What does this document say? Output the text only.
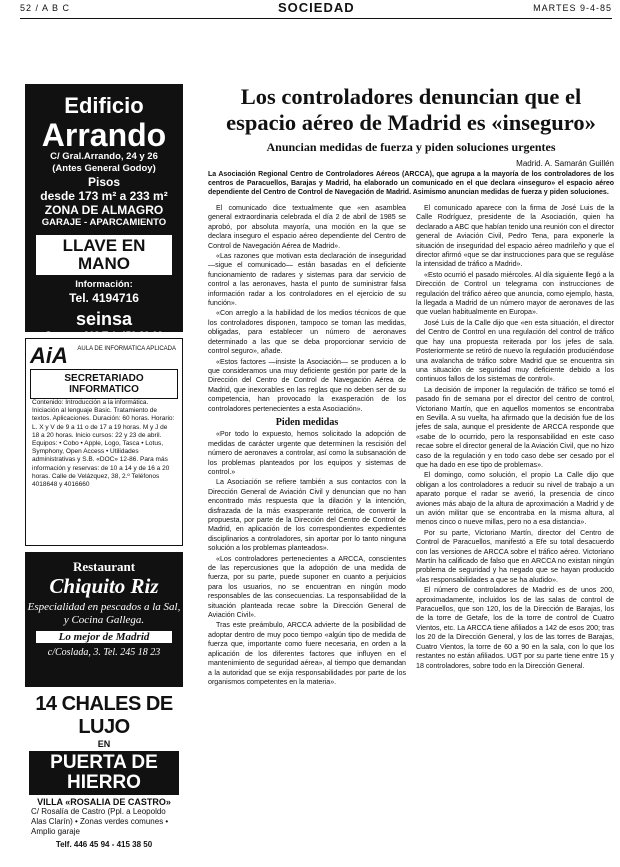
52 / A B C	SOCIEDAD	MARTES 9-4-85
Edificio
Arrando
C/ Gral.Arrando, 24 y 26
(Antes General Godoy)
Pisos
desde 173 m² a 233 m²
ZONA DE ALMAGRO
GARAJE - APARCAMIENTO
LLAVE EN MANO
Información:
Tel. 4194716
seinsa
Serrano,213 Tel. 459 39 00
AiA AULA DE INFORMATICA APLICADA
SECRETARIADO INFORMATICO
Contenido: Introducción a la informática. Iniciación al lenguaje Basic. Tratamiento de textos. Aplicaciones. Duración: 60 horas. Horario: L. X y V de 9 a 11 o de 17 a 19 horas. M y J de 18 a 20 horas. Inicio cursos: 22 y 23 de abril. Equipos: • Cobo • Apple, Logo, Tasca • Lotus, Symphony, Open Access • Utilidades administrativas y S.B. «DOC» 12-86. Para más información y reservas: de 10 a 14 y de 16 a 20 horas. Calle de Velázquez, 38, 2.º Teléfonos 4018648 y 4016660
Restaurant
Chiquito Riz
Especialidad en pescados a la Sal, y Cocina Gallega.
Lo mejor de Madrid
c/Coslada, 3. Tel. 245 18 23
14 CHALES DE LUJO
EN
PUERTA DE HIERRO
VILLA «ROSALIA DE CASTRO»
C/ Rosalía de Castro (Ppl. a Leopoldo Alas Clarín) • Zonas verdes comunes • Amplio garaje
Telf. 446 45 94 - 415 38 50
Los controladores denuncian que el espacio aéreo de Madrid es «inseguro»
Anuncian medidas de fuerza y piden soluciones urgentes
Madrid. A. Samarán Guillén
La Asociación Regional Centro de Controladores Aéreos (ARCCA), que agrupa a la mayoría de los controladores de los centros de Paracuellos, Barajas y Madrid, ha elaborado un comunicado en el que declara «inseguro» el espacio aéreo dependiente del Centro de Control de Navegación de Madrid. Asimismo anuncian medidas de fuerza y piden soluciones.

El comunicado dice textualmente que «en asamblea general extraordinaria celebrada el día 2 de abril de 1985 se aprobó, por absoluta mayoría, una moción en la que se declara inseguro el espacio aéreo dependiente del Centro de Control de Navegación Aérea de Madrid».

«Las razones que motivan esta declaración de inseguridad —sigue el comunicado— están basadas en el deficiente funcionamiento de radares y sistemas para dar servicio de control a las aeronaves, hasta el punto de suministrar falsa información radar a los controladores en el ejercicio de su función».

«Con arreglo a la habilidad de los medios técnicos de que los controladores disponen, tampoco se toman las medidas, obligadas, para establecer un número de aeronaves determinado a las que se deba proporcionar servicio de control seguro», añade.

«Estos factores —insiste la Asociación— se producen a lo que consideramos una muy deficiente gestión por parte de la Dirección del Centro de Control de Navegación Aérea de Madrid, que inexorables en las reglas que no deben ser de su competencia, han provocado la exasperación de los controladores pertenecientes a esta Asociación».

Piden medidas

«Por todo lo expuesto, hemos solicitado la adopción de medidas de carácter urgente que determinen la rescisión del número de aeronaves a controlar, así como la subsanación de los problemas planteados por los equipos y sistemas de control.»

La Asociación se refiere también a sus contactos con la Dirección General de Aviación Civil y denuncian que no han encontrado más respuesta que la dilación y la intención, disfrazada de la más exasperante retórica, de convertir la propuesta, por parte de la Dirección del Centro de Control de Madrid, en aplicación de los correspondientes expedientes disciplinarios a controladores, sin aportar por lo tanto ninguna solución a los problemas planteados».

«Los controladores pertenecientes a ARCCA, conscientes de las repercusiones que la adopción de una medida de fuerza, por su parte, puede suponer en cuanto a perjuicios para los usuarios, no se encuentran en ningún modo responsables de las consecuencias. La responsabilidad de la situación planteada recae sobre la Dirección General de Aviación Civil».

Tras este preámbulo, ARCCA advierte de la posibilidad de adoptar dentro de muy poco tiempo «algún tipo de medida de fuerza que, importante como fuere necesaria, en orden a la aplicación de los diferentes factores que influyen en el mantenimiento de seguridad aérea», al tiempo que demandan a la autoridad que se exija responsabilidades por parte de los organismos competentes en la materia».

El comunicado aparece con la firma de José Luis de la Calle Rodríguez, presidente de la Asociación, quien ha declarado a ABC que habían tenido una reunión con el director general de Aviación Civil, Pedro Tena, para exponerle la situación de inseguridad del espacio aéreo madrileño y que el director afirmó «que se dar instrucciones para que se reguláse la intensidad de tráfico a Madrid».

«Esto ocurrió el pasado miércoles. Al día siguiente llegó a la Dirección de Control un telegrama con instrucciones de regulación del tráfico aéreo que anuncia, como ejemplo, hasta, la llegada a Madrid de un número mayor de aeronaves de las que vuelan habitualmente en Europa».

José Luis de la Calle dijo que «en esta situación, el director del Centro de Control en una regulación del control de tráfico que hay una propuesta reiterada por los jefes de sala. Posteriormente se retiró de nuevo la regulación produciéndose una avalancha de tráfico sobre Madrid que se encuentra sin una situación de seguridad muy deficiente debido a los continuos fallos de los sistemas de control».

La decisión de imponer la regulación de tráfico se tomó el pasado fin de semana por el director del centro de control, Victoriano Martín, que en aquellos momentos se encontraba en Sevilla. A su vuelta, ha afirmado que la decisión fue de los jefes de sala, aunque el presidente de ARCCA responde que «sabe de lo ocurrido, pero la responsabilidad en este caso recae sobre el director general de la Aviación Civil, que no hizo caso de la regulación y en todo caso debe ser cesado por el que ha dado en ese tipo de problemas».

El domingo, como solución, el propio La Calle dijo que obligan a los controladores a reducir su nivel de trabajo a un aparato porque el radar se averió, la presencia de cinco aviones más abajo de la altura de aproximación a Madrid y de un avión militar que se encontraba en la misma altura, al menos cinco o nueve millas, pero no a esa distancia».

Por su parte, Victoriano Martín, director del Centro de Control de Paracuellos, manifestó a Efe su total desacuerdo con las versiones de ARCCA sobre el tráfico aéreo. Victoriano Martín ha calificado de falso que en ARCCA no existan ningún problema de seguridad y ha negado que se hayan producido «las responsabilidades a que se ha aludido».

El número de controladores de Madrid es de unos 200, aproximadamente, incluidos los de las salas de control de Paracuellos, que son 120, los de la Dirección de Barajas, los de la torre de Getafe, los de la torre de control de Cuatro Vientos, etc. La ARCCA tiene afiliados a 142 de esos 200; tras los 20 de la Dirección General, y los de las torres de Barajas, Cuatro Vientos, la torre de 60 a 90 en la sala, con lo que los restantes no están afiliados. UGT por su parte tiene entre 15 y 18 controladores, sobre todo en la Dirección General.
